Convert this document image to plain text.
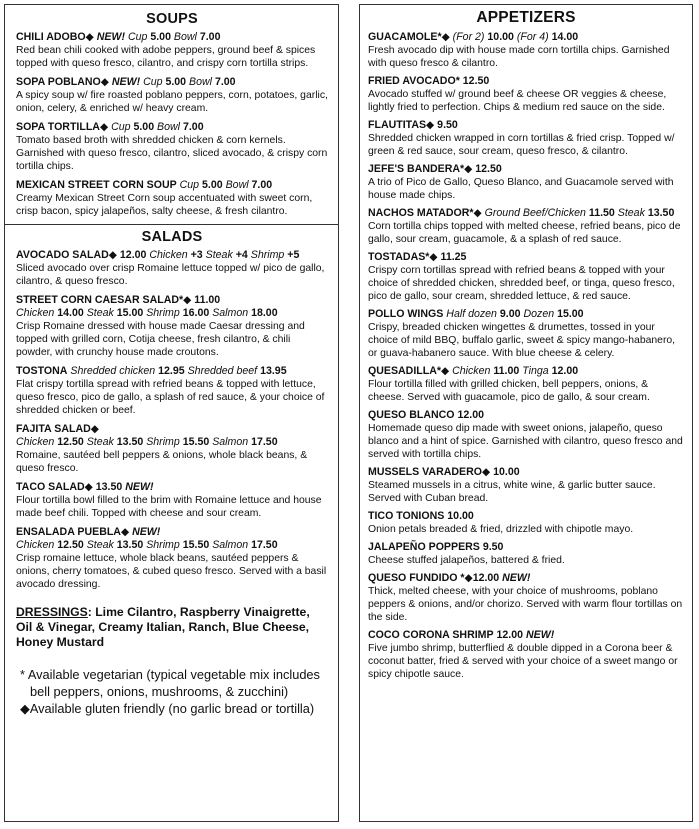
SOUPS
CHILI ADOBO◆ NEW! Cup 5.00 Bowl 7.00
Red bean chili cooked with adobe peppers, ground beef & spices topped with queso fresco, cilantro, and crispy corn tortilla strips.
SOPA POBLANO◆ NEW! Cup 5.00 Bowl 7.00
A spicy soup w/ fire roasted poblano peppers, corn, potatoes, garlic, onion, celery, & enriched w/ heavy cream.
SOPA TORTILLA◆ Cup 5.00 Bowl 7.00
Tomato based broth with shredded chicken & corn kernels. Garnished with queso fresco, cilantro, sliced avocado, & crispy corn tortilla chips.
MEXICAN STREET CORN SOUP Cup 5.00 Bowl 7.00
Creamy Mexican Street Corn soup accentuated with sweet corn, crisp bacon, spicy jalapeños, salty cheese, & fresh cilantro.
SALADS
AVOCADO SALAD◆ 12.00 Chicken +3 Steak +4 Shrimp +5
Sliced avocado over crisp Romaine lettuce topped w/ pico de gallo, cilantro, & queso fresco.
STREET CORN CAESAR SALAD*◆ 11.00
Chicken 14.00 Steak 15.00 Shrimp 16.00 Salmon 18.00
Crisp Romaine dressed with house made Caesar dressing and topped with grilled corn, Cotija cheese, fresh cilantro, & chili powder, with crunchy house made croutons.
TOSTONA Shredded chicken 12.95 Shredded beef 13.95
Flat crispy tortilla spread with refried beans & topped with lettuce, queso fresco, pico de gallo, a splash of red sauce, & your choice of shredded chicken or beef.
FAJITA SALAD◆
Chicken 12.50 Steak 13.50 Shrimp 15.50 Salmon 17.50
Romaine, sautéed bell peppers & onions, whole black beans, & queso fresco.
TACO SALAD◆ 13.50 NEW!
Flour tortilla bowl filled to the brim with Romaine lettuce and house made beef chili. Topped with cheese and sour cream.
ENSALADA PUEBLA◆ NEW!
Chicken 12.50 Steak 13.50 Shrimp 15.50 Salmon 17.50
Crisp romaine lettuce, whole black beans, sautéed peppers & onions, cherry tomatoes, & cubed queso fresco. Served with a basil avocado dressing.
DRESSINGS: Lime Cilantro, Raspberry Vinaigrette, Oil & Vinegar, Creamy Italian, Ranch, Blue Cheese, Honey Mustard
* Available vegetarian (typical vegetable mix includes bell peppers, onions, mushrooms, & zucchini)
◆Available gluten friendly (no garlic bread or tortilla)
APPETIZERS
GUACAMOLE*◆ (For 2) 10.00 (For 4) 14.00
Fresh avocado dip with house made corn tortilla chips. Garnished with queso fresco & cilantro.
FRIED AVOCADO* 12.50
Avocado stuffed w/ ground beef & cheese OR veggies & cheese, lightly fried to perfection. Chips & medium red sauce on the side.
FLAUTITAS◆ 9.50
Shredded chicken wrapped in corn tortillas & fried crisp. Topped w/ green & red sauce, sour cream, queso fresco, & cilantro.
JEFE'S BANDERA*◆ 12.50
A trio of Pico de Gallo, Queso Blanco, and Guacamole served with house made chips.
NACHOS MATADOR*◆ Ground Beef/Chicken 11.50 Steak 13.50
Corn tortilla chips topped with melted cheese, refried beans, pico de gallo, sour cream, guacamole, & a splash of red sauce.
TOSTADAS*◆ 11.25
Crispy corn tortillas spread with refried beans & topped with your choice of shredded chicken, shredded beef, or tinga, queso fresco, pico de gallo, sour cream, shredded lettuce, & red sauce.
POLLO WINGS Half dozen 9.00 Dozen 15.00
Crispy, breaded chicken wingettes & drumettes, tossed in your choice of mild BBQ, buffalo garlic, sweet & spicy mango-habanero, or guava-habanero sauce. With blue cheese & celery.
QUESADILLA*◆ Chicken 11.00 Tinga 12.00
Flour tortilla filled with grilled chicken, bell peppers, onions, & cheese. Served with guacamole, pico de gallo, & sour cream.
QUESO BLANCO 12.00
Homemade queso dip made with sweet onions, jalapeño, queso blanco and a hint of spice. Garnished with cilantro, queso fresco and served with tortilla chips.
MUSSELS VARADERO◆ 10.00
Steamed mussels in a citrus, white wine, & garlic butter sauce. Served with Cuban bread.
TICO TONIONS 10.00
Onion petals breaded & fried, drizzled with chipotle mayo.
JALAPEÑO POPPERS 9.50
Cheese stuffed jalapeños, battered & fried.
QUESO FUNDIDO *◆12.00 NEW!
Thick, melted cheese, with your choice of mushrooms, poblano peppers & onions, and/or chorizo. Served with warm flour tortillas on the side.
COCO CORONA SHRIMP 12.00 NEW!
Five jumbo shrimp, butterflied & double dipped in a Corona beer & coconut batter, fried & served with your choice of a sweet mango or spicy chipotle sauce.
